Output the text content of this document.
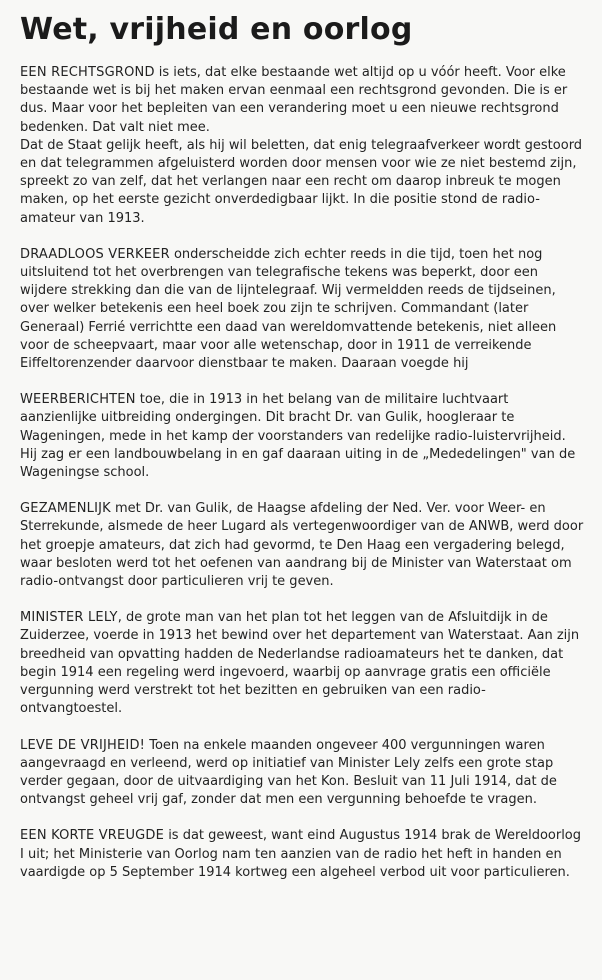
Wet, vrijheid en oorlog

EEN RECHTSGROND is iets, dat elke bestaande wet altijd op u vóór heeft. Voor elke bestaande wet is bij het maken ervan eenmaal een rechtsgrond gevonden. Die is er dus. Maar voor het bepleiten van een verandering moet u een nieuwe rechtsgrond bedenken. Dat valt niet mee.

Dat de Staat gelijk heeft, als hij wil beletten, dat enig telegraafverkeer wordt gestoord en dat telegrammen afgeluisterd worden door mensen voor wie ze niet bestemd zijn, spreekt zo van zelf, dat het verlangen naar een recht om daarop inbreuk te mogen maken, op het eerste gezicht onverdedigbaar lijkt. In die positie stond de radio-amateur van 1913.

DRAADLOOS VERKEER onderscheidde zich echter reeds in die tijd, toen het nog uitsluitend tot het overbrengen van telegrafische tekens was beperkt, door een wijdere strekking dan die van de lijntelegraaf. Wij vermeldden reeds de tijdseinen, over welker betekenis een heel boek zou zijn te schrijven. Commandant (later Generaal) Ferrié verrichtte een daad van wereldomvattende betekenis, niet alleen voor de scheepvaart, maar voor alle wetenschap, door in 1911 de verreikende Eiffeltorenzender daarvoor dienstbaar te maken. Daaraan voegde hij

WEERBERICHTEN toe, die in 1913 in het belang van de militaire luchtvaart aanzienlijke uitbreiding ondergingen. Dit bracht Dr. van Gulik, hoogleraar te Wageningen, mede in het kamp der voorstanders van redelijke radio-luistervrijheid. Hij zag er een landbouwbelang in en gaf daaraan uiting in de „Mededelingen" van de Wageningse school.

GEZAMENLIJK met Dr. van Gulik, de Haagse afdeling der Ned. Ver. voor Weer- en Sterrekunde, alsmede de heer Lugard als vertegenwoordiger van de ANWB, werd door het groepje amateurs, dat zich had gevormd, te Den Haag een vergadering belegd, waar besloten werd tot het oefenen van aandrang bij de Minister van Waterstaat om radio-ontvangst door particulieren vrij te geven.

MINISTER LELY, de grote man van het plan tot het leggen van de Afsluitdijk in de Zuiderzee, voerde in 1913 het bewind over het departement van Waterstaat. Aan zijn breedheid van opvatting hadden de Nederlandse radioamateurs het te danken, dat begin 1914 een regeling werd ingevoerd, waarbij op aanvrage gratis een officiële vergunning werd verstrekt tot het bezitten en gebruiken van een radio-ontvangtoestel.

LEVE DE VRIJHEID! Toen na enkele maanden ongeveer 400 vergunningen waren aangevraagd en verleend, werd op initiatief van Minister Lely zelfs een grote stap verder gegaan, door de uitvaardiging van het Kon. Besluit van 11 Juli 1914, dat de ontvangst geheel vrij gaf, zonder dat men een vergunning behoefde te vragen.

EEN KORTE VREUGDE is dat geweest, want eind Augustus 1914 brak de Wereldoorlog I uit; het Ministerie van Oorlog nam ten aanzien van de radio het heft in handen en vaardigde op 5 September 1914 kortweg een algeheel verbod uit voor particulieren.
